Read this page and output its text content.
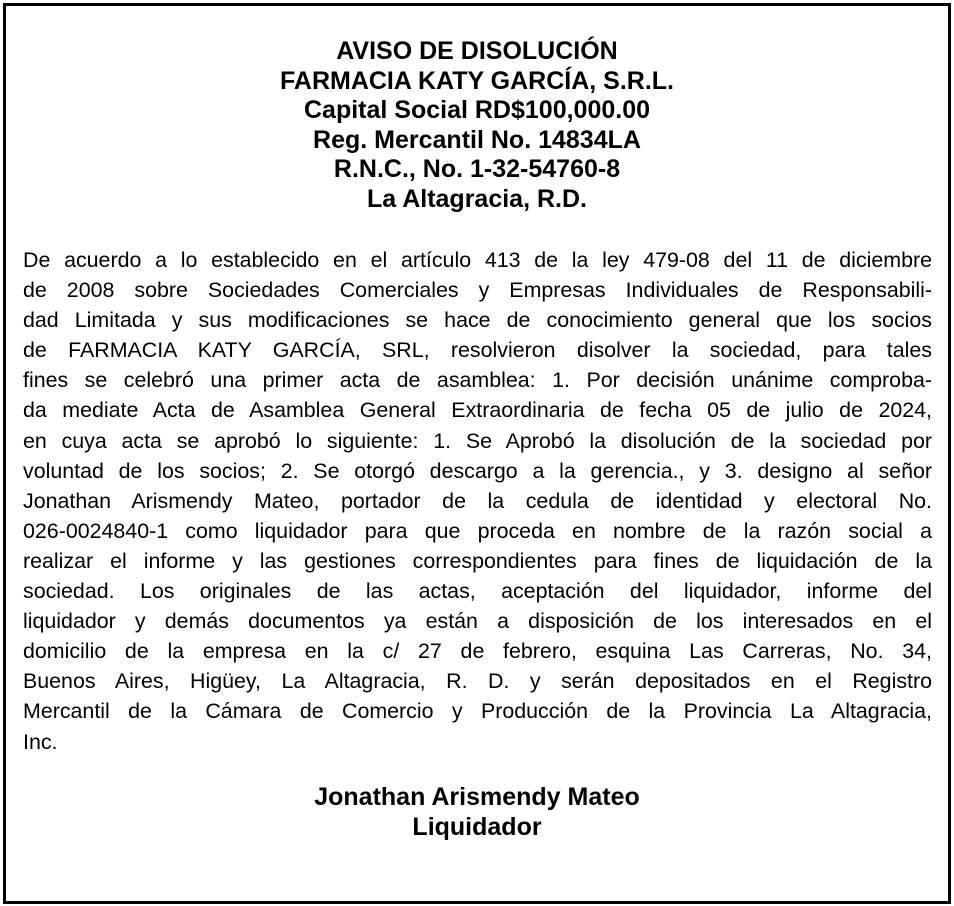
AVISO DE DISOLUCIÓN
FARMACIA KATY GARCÍA, S.R.L.
Capital Social RD$100,000.00
Reg. Mercantil No. 14834LA
R.N.C., No. 1-32-54760-8
La Altagracia, R.D.
De acuerdo a lo establecido en el artículo 413 de la ley 479-08 del 11 de diciembre
de 2008 sobre Sociedades Comerciales y Empresas Individuales de Responsabili-
dad Limitada y sus modificaciones se hace de conocimiento general que los socios
de FARMACIA KATY GARCÍA, SRL, resolvieron disolver la sociedad, para tales
fines se celebró una primer acta de asamblea: 1. Por decisión unánime comproba-
da mediate Acta de Asamblea General Extraordinaria de fecha 05 de julio de 2024,
en cuya acta se aprobó lo siguiente: 1. Se Aprobó la disolución de la sociedad por
voluntad de los socios; 2. Se otorgó descargo a la gerencia., y 3. designo al señor
Jonathan Arismendy Mateo, portador de la cedula de identidad y electoral No.
026-0024840-1 como liquidador para que proceda en nombre de la razón social a
realizar el informe y las gestiones correspondientes para fines de liquidación de la
sociedad. Los originales de las actas, aceptación del liquidador, informe del
liquidador y demás documentos ya están a disposición de los interesados en el
domicilio de la empresa en la c/ 27 de febrero, esquina Las Carreras, No. 34,
Buenos Aires, Higüey, La Altagracia, R. D. y serán depositados en el Registro
Mercantil de la Cámara de Comercio y Producción de la Provincia La Altagracia,
Inc.
Jonathan Arismendy Mateo
Liquidador
